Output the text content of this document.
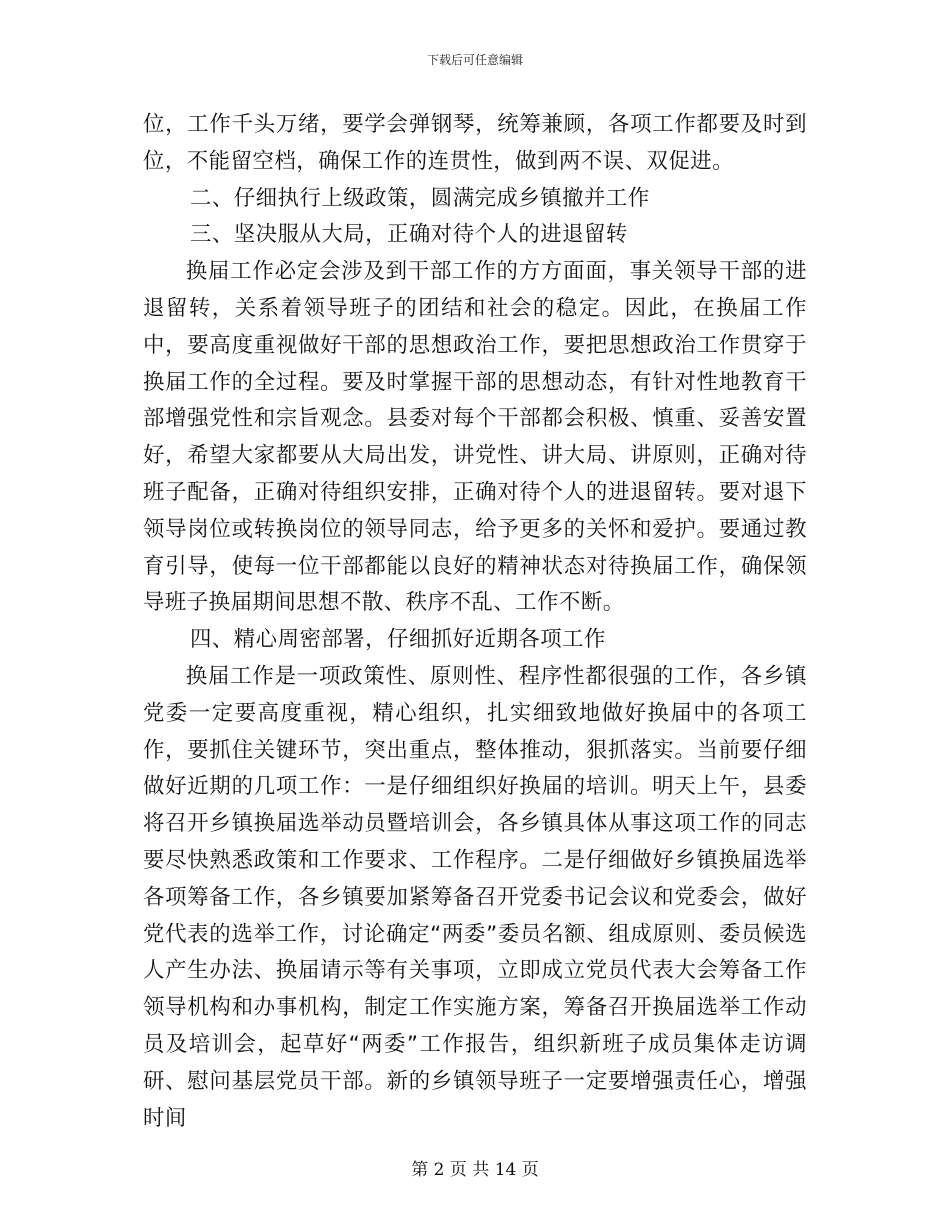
下载后可任意编辑

位，工作千头万绪，要学会弹钢琴，统筹兼顾，各项工作都要及时到位，不能留空档，确保工作的连贯性，做到两不误、双促进。

二、仔细执行上级政策，圆满完成乡镇撤并工作

三、坚决服从大局，正确对待个人的进退留转

换届工作必定会涉及到干部工作的方方面面，事关领导干部的进退留转，关系着领导班子的团结和社会的稳定。因此，在换届工作中，要高度重视做好干部的思想政治工作，要把思想政治工作贯穿于换届工作的全过程。要及时掌握干部的思想动态，有针对性地教育干部增强党性和宗旨观念。县委对每个干部都会积极、慎重、妥善安置好，希望大家都要从大局出发，讲党性、讲大局、讲原则，正确对待班子配备，正确对待组织安排，正确对待个人的进退留转。要对退下领导岗位或转换岗位的领导同志，给予更多的关怀和爱护。要通过教育引导，使每一位干部都能以良好的精神状态对待换届工作，确保领导班子换届期间思想不散、秩序不乱、工作不断。

四、精心周密部署，仔细抓好近期各项工作

换届工作是一项政策性、原则性、程序性都很强的工作，各乡镇党委一定要高度重视，精心组织，扎实细致地做好换届中的各项工作，要抓住关键环节，突出重点，整体推动，狠抓落实。当前要仔细做好近期的几项工作：一是仔细组织好换届的培训。明天上午，县委将召开乡镇换届选举动员暨培训会，各乡镇具体从事这项工作的同志要尽快熟悉政策和工作要求、工作程序。二是仔细做好乡镇换届选举各项筹备工作，各乡镇要加紧筹备召开党委书记会议和党委会，做好党代表的选举工作，讨论确定“两委”委员名额、组成原则、委员候选人产生办法、换届请示等有关事项，立即成立党员代表大会筹备工作领导机构和办事机构，制定工作实施方案，筹备召开换届选举工作动员及培训会，起草好“两委”工作报告，组织新班子成员集体走访调研、慰问基层党员干部。新的乡镇领导班子一定要增强责任心，增强时间

第 2 页 共 14 页
